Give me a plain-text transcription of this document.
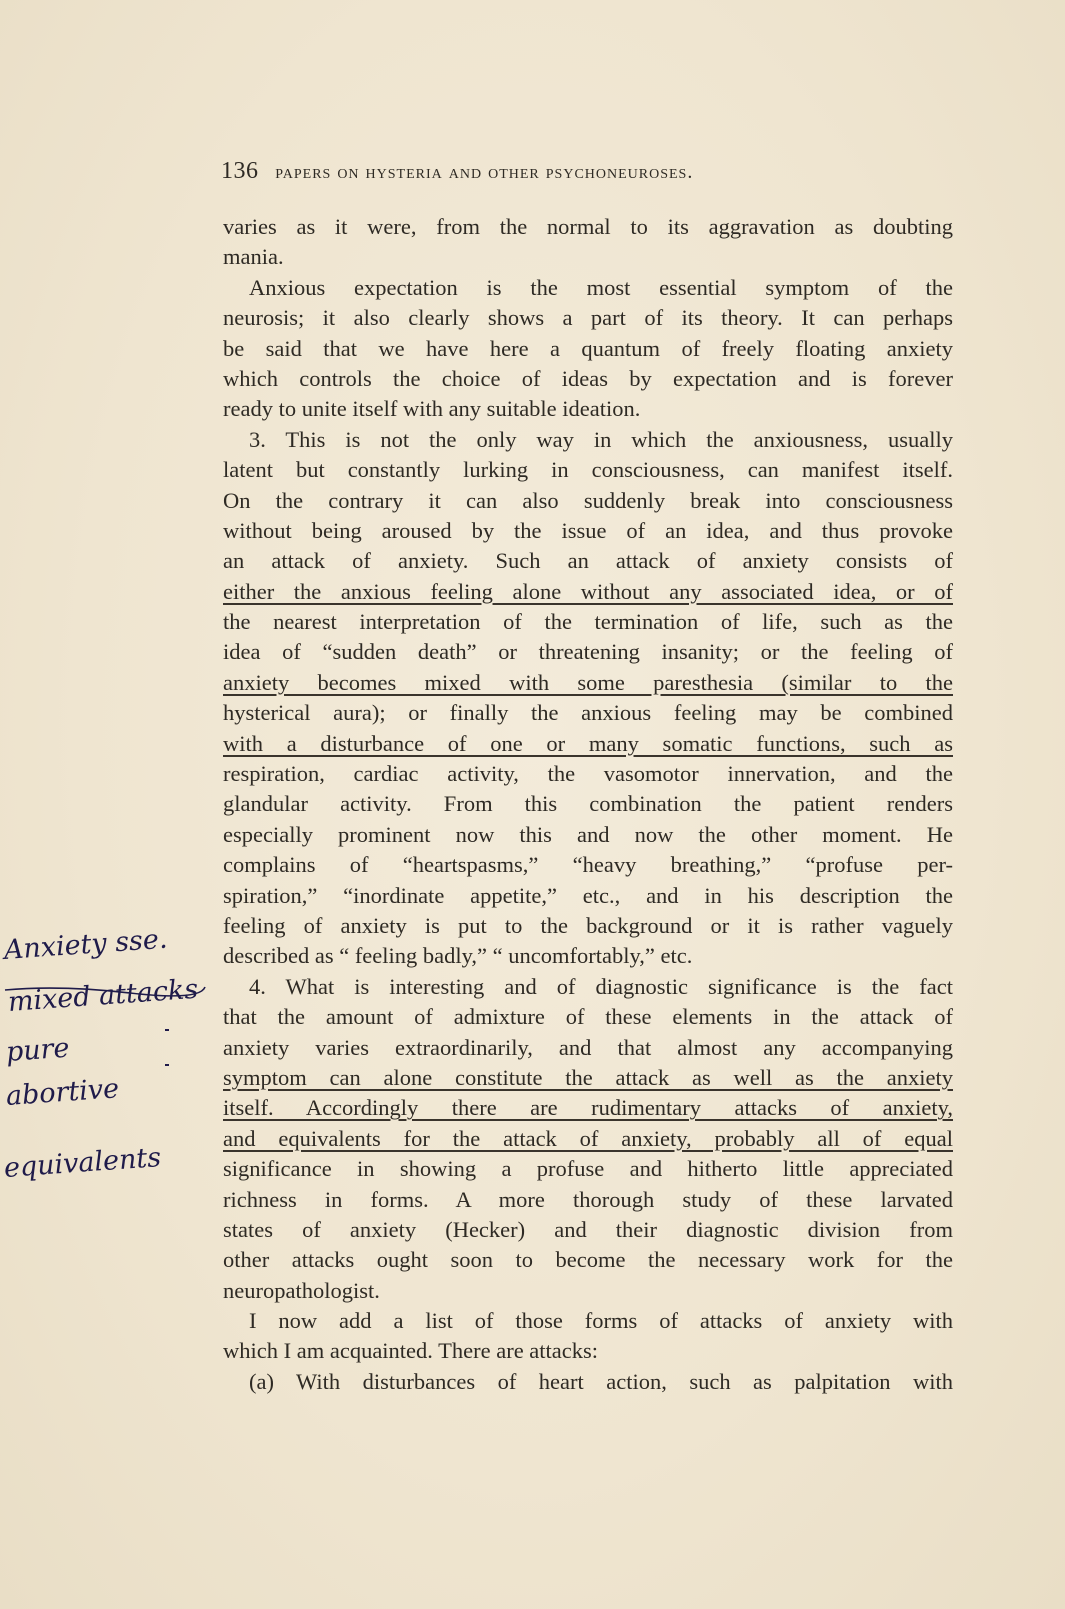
136 papers on hysteria and other psychoneuroses.
varies as it were, from the normal to its aggravation as doubting
mania.
Anxious expectation is the most essential symptom of the
neurosis; it also clearly shows a part of its theory. It can perhaps
be said that we have here a quantum of freely floating anxiety
which controls the choice of ideas by expectation and is forever
ready to unite itself with any suitable ideation.
3. This is not the only way in which the anxiousness, usually
latent but constantly lurking in consciousness, can manifest itself.
On the contrary it can also suddenly break into consciousness
without being aroused by the issue of an idea, and thus provoke
an attack of anxiety. Such an attack of anxiety consists of
either the anxious feeling alone without any associated idea, or of
the nearest interpretation of the termination of life, such as the
idea of “sudden death” or threatening insanity; or the feeling of
anxiety becomes mixed with some paresthesia (similar to the
hysterical aura); or finally the anxious feeling may be combined
with a disturbance of one or many somatic functions, such as
respiration, cardiac activity, the vasomotor innervation, and the
glandular activity. From this combination the patient renders
especially prominent now this and now the other moment. He
complains of “heartspasms,” “heavy breathing,” “profuse per-
spiration,” “inordinate appetite,” etc., and in his description the
feeling of anxiety is put to the background or it is rather vaguely
described as “ feeling badly,” “ uncomfortably,” etc.
4. What is interesting and of diagnostic significance is the fact
that the amount of admixture of these elements in the attack of
anxiety varies extraordinarily, and that almost any accompanying
symptom can alone constitute the attack as well as the anxiety
itself. Accordingly there are rudimentary attacks of anxiety,
and equivalents for the attack of anxiety, probably all of equal
significance in showing a profuse and hitherto little appreciated
richness in forms. A more thorough study of these larvated
states of anxiety (Hecker) and their diagnostic division from
other attacks ought soon to become the necessary work for the
neuropathologist.
I now add a list of those forms of attacks of anxiety with
which I am acquainted. There are attacks:
(a) With disturbances of heart action, such as palpitation with
Anxiety sse.
mixed attacks
pure
abortive
equivalents
